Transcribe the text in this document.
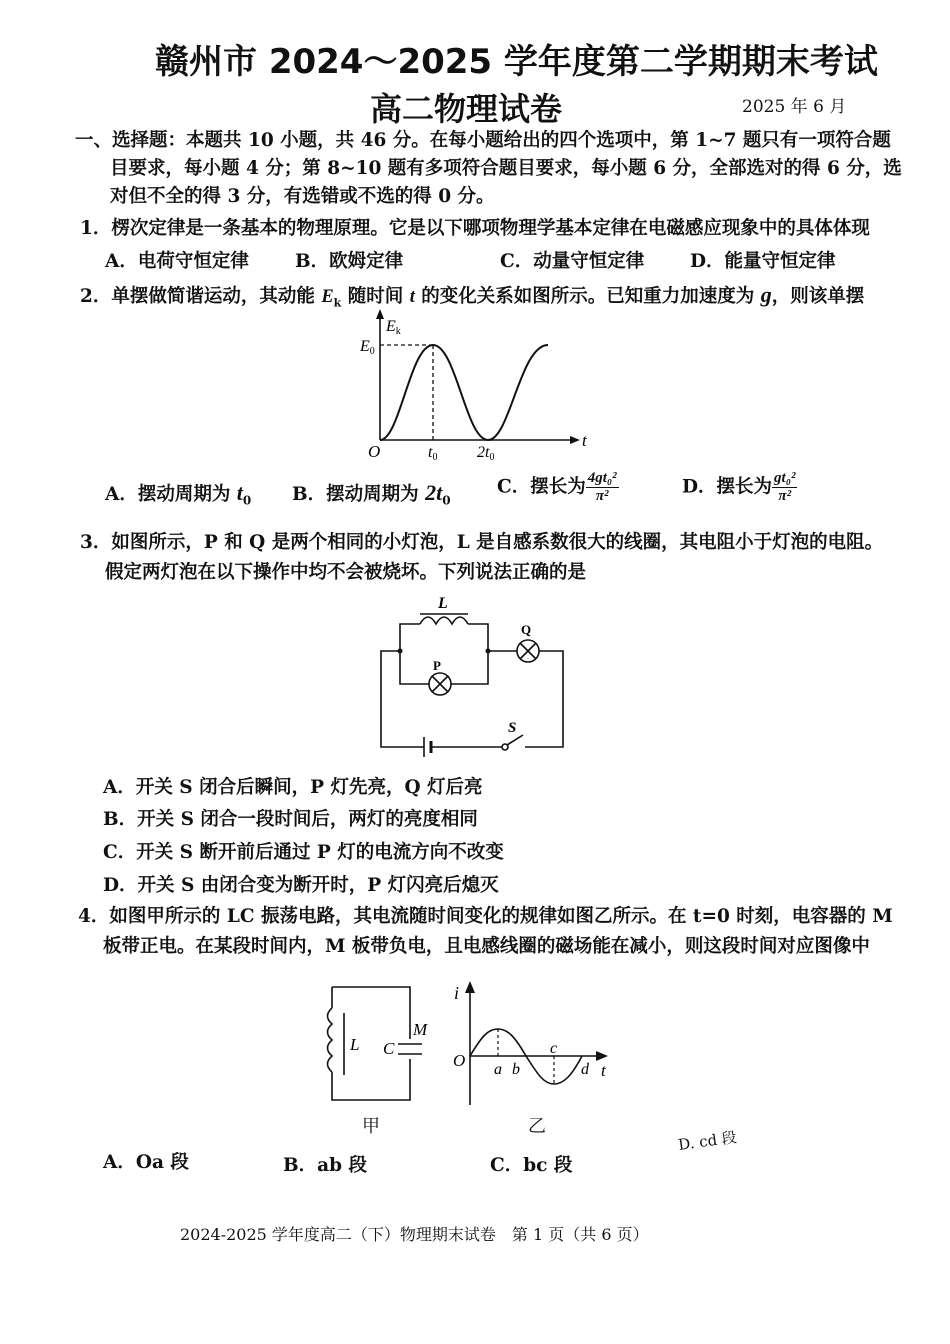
赣州市 2024～2025 学年度第二学期期末考试
高二物理试卷	2025 年 6 月
一、选择题：本题共 10 小题，共 46 分。在每小题给出的四个选项中，第 1~7 题只有一项符合题
目要求，每小题 4 分；第 8~10 题有多项符合题目要求，每小题 6 分，全部选对的得 6 分，选
对但不全的得 3 分，有选错或不选的得 0 分。
1．楞次定律是一条基本的物理原理。它是以下哪项物理学基本定律在电磁感应现象中的具体体现
A．电荷守恒定律 B．欧姆定律	C．动量守恒定律 D．能量守恒定律
2．单摆做简谐运动，其动能 $E_k$ 随时间 t 的变化关系如图所示。已知重力加速度为 g，则该单摆
Ek
E0
O	t0 2t0
t
A．摆动周期为 $t_0$ B．摆动周期为 $2t_0$
C．摆长为 $\frac{\text{4gt₀²}}{\text{π²}}$	D．摆长为 $\frac{\text{gt₀²}}{\text{π²}}$
3．如图所示，P 和 Q 是两个相同的小灯泡，L 是自感系数很大的线圈，其电阻小于灯泡的电阻。
假定两灯泡在以下操作中均不会被烧坏。下列说法正确的是
L
P
Q
S
A．开关 S 闭合后瞬间，P 灯先亮，Q 灯后亮
B．开关 S 闭合一段时间后，两灯的亮度相同
C．开关 S 断开前后通过 P 灯的电流方向不改变
D．开关 S 由闭合变为断开时，P 灯闪亮后熄灭
4．如图甲所示的 LC 振荡电路，其电流随时间变化的规律如图乙所示。在 t=0 时刻，电容器的 M
板带正电。在某段时间内，M 板带负电，且电感线圈的磁场能在减小，则这段时间对应图像中
L C
M
i
O a b
c
d t
甲	乙
A．Oa 段	B．ab 段	C．bc 段
D. cd 段
2024-2025 学年度高二（下）物理期末试卷　第 1 页（共 6 页）
